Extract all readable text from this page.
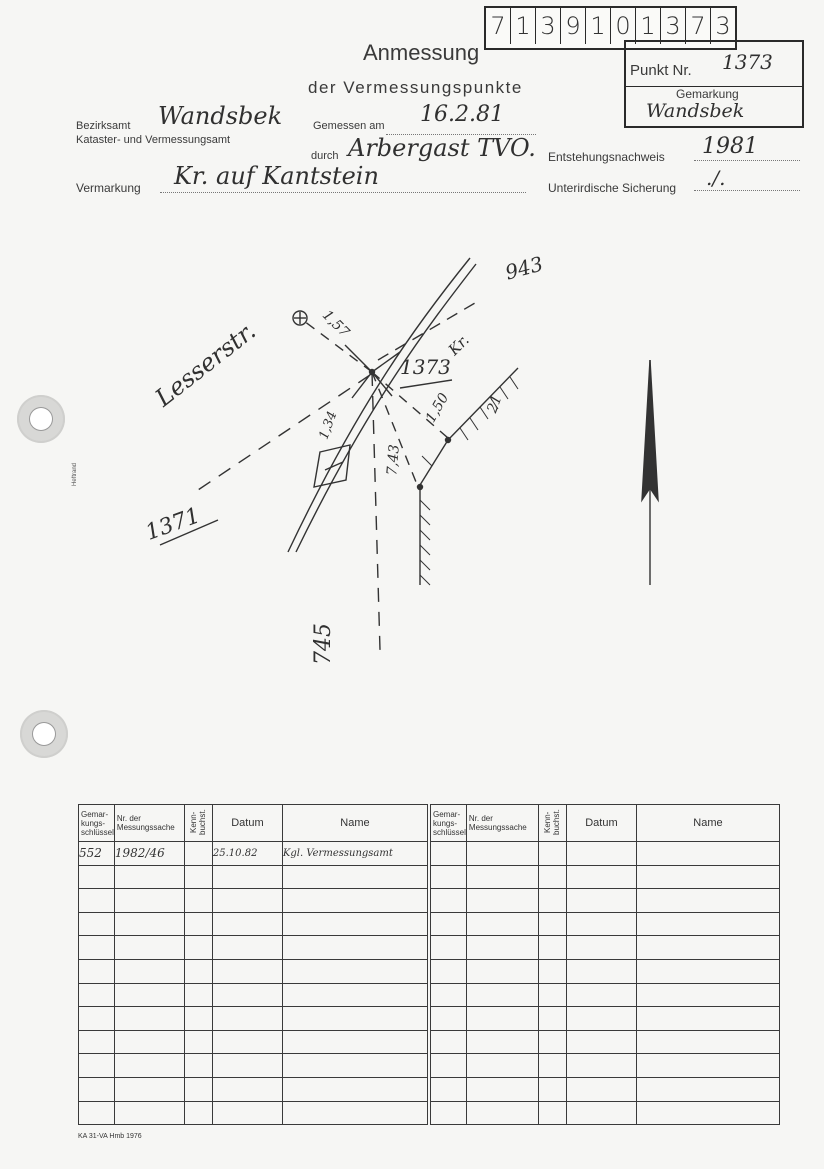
7 1 3 9 1 0 1 3 7 3
Anmessung
der Vermessungspunkte
Punkt Nr. 1373
Gemarkung
Wandsbek
Bezirksamt Wandsbek
Kataster- und Vermessungsamt
Gemessen am 16.2.81
durch Arbergast TVO. Entstehungsnachweis 1981
Vermarkung Kr. auf Kantstein	Unterirdische Sicherung ./.
Heftrand
Lesserstr.
943
1373
Kr.
1,57
1,50
1,34
7,43
21
1371
745
Gemar-kungs-schlüssel	Nr. der Messungssache	Kenn-buchst.	Datum	Name
552	1982/46		25.10.82	Kgl. Vermessungsamt

Gemar-kungs-schlüssel	Nr. der Messungssache	Kenn-buchst.	Datum	Name

KA 31-VA Hmb 1976
